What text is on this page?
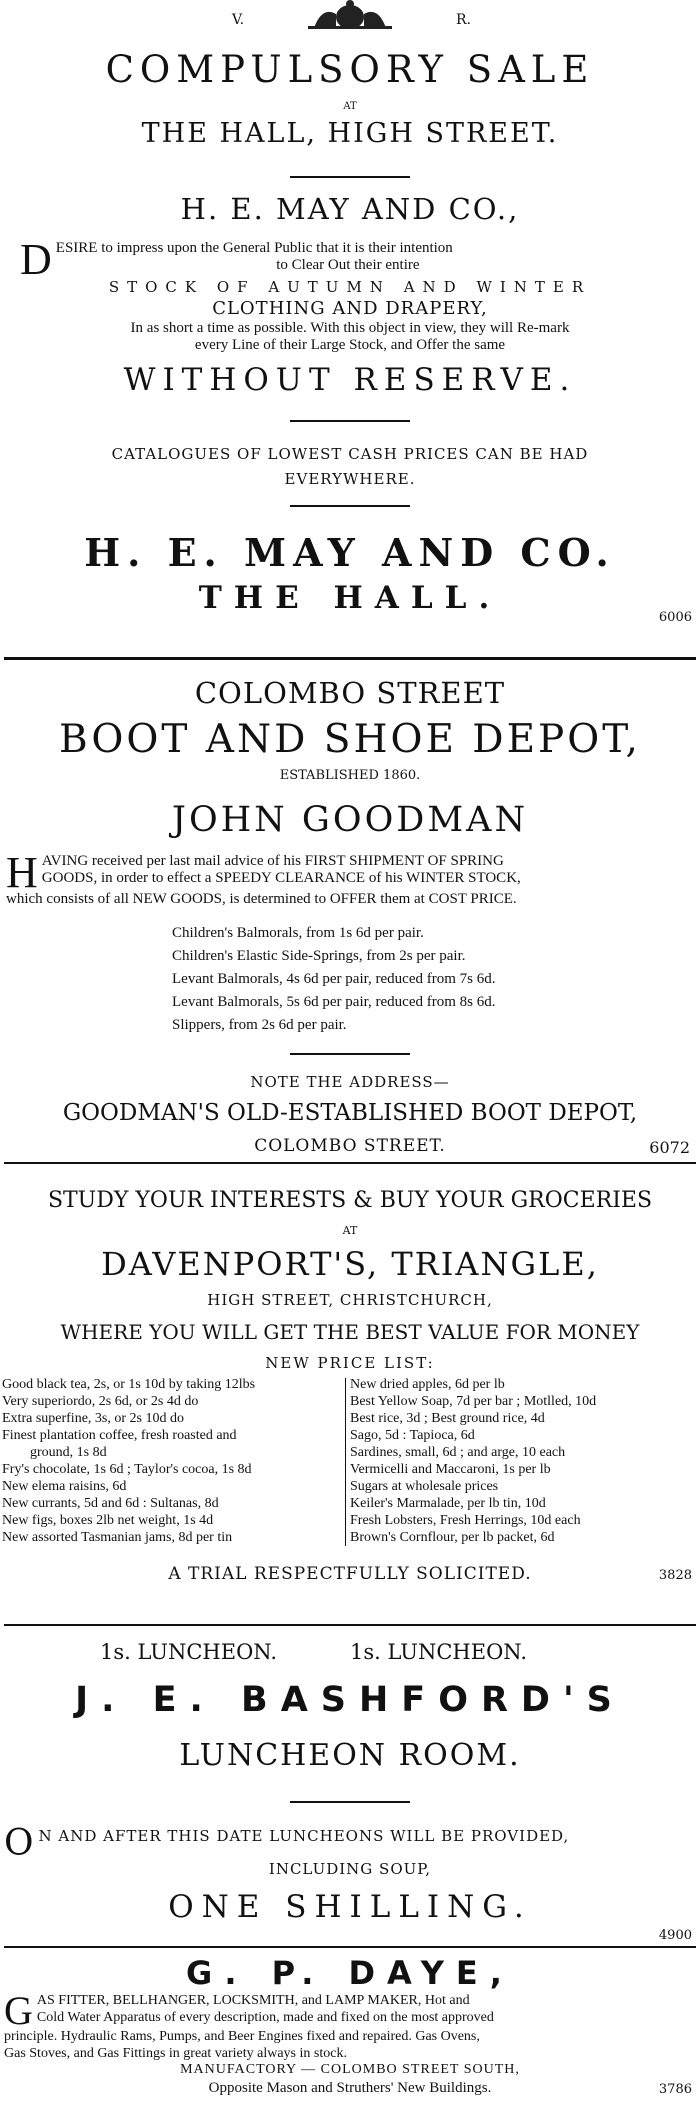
V.	R.
COMPULSORY SALE
AT
THE HALL, HIGH STREET.
H. E. MAY AND CO.,
D ESIRE to impress upon the General Public that it is their intention
to Clear Out their entire
STOCK OF AUTUMN AND WINTER
CLOTHING AND DRAPERY,
In as short a time as possible. With this object in view, they will Re-mark
every Line of their Large Stock, and Offer the same
WITHOUT RESERVE.
CATALOGUES OF LOWEST CASH PRICES CAN BE HAD
EVERYWHERE.
H. E. MAY AND CO.
THE HALL.
6006
COLOMBO STREET
BOOT AND SHOE DEPOT,
ESTABLISHED 1860.
JOHN GOODMAN
H AVING received per last mail advice of his FIRST SHIPMENT OF SPRING
GOODS, in order to effect a SPEEDY CLEARANCE of his WINTER STOCK,
which consists of all NEW GOODS, is determined to OFFER them at COST PRICE.
Children's Balmorals, from 1s 6d per pair.
Children's Elastic Side-Springs, from 2s per pair.
Levant Balmorals, 4s 6d per pair, reduced from 7s 6d.
Levant Balmorals, 5s 6d per pair, reduced from 8s 6d.
Slippers, from 2s 6d per pair.
NOTE THE ADDRESS—
GOODMAN'S OLD-ESTABLISHED BOOT DEPOT,
COLOMBO STREET.	6072
STUDY YOUR INTERESTS & BUY YOUR GROCERIES
AT
DAVENPORT'S, TRIANGLE,
HIGH STREET, CHRISTCHURCH,
WHERE YOU WILL GET THE BEST VALUE FOR MONEY
NEW PRICE LIST:
Good black tea, 2s, or 1s 10d by taking 12lbs
Very superiordo, 2s 6d, or 2s 4d do
Extra superfine, 3s, or 2s 10d do
Finest plantation coffee, fresh roasted and
ground, 1s 8d
Fry's chocolate, 1s 6d ; Taylor's cocoa, 1s 8d
New elema raisins, 6d
New currants, 5d and 6d : Sultanas, 8d
New figs, boxes 2lb net weight, 1s 4d
New assorted Tasmanian jams, 8d per tin
New dried apples, 6d per lb
Best Yellow Soap, 7d per bar ; Motlled, 10d
Best rice, 3d ; Best ground rice, 4d
Sago, 5d : Tapioca, 6d
Sardines, small, 6d ; and arge, 10 each
Vermicelli and Maccaroni, 1s per lb
Sugars at wholesale prices
Keiler's Marmalade, per lb tin, 10d
Fresh Lobsters, Fresh Herrings, 10d each
Brown's Cornflour, per lb packet, 6d
A TRIAL RESPECTFULLY SOLICITED.	3828
1s. LUNCHEON.	1s. LUNCHEON.
J. E. BASHFORD'S
LUNCHEON ROOM.
O N AND AFTER THIS DATE LUNCHEONS WILL BE PROVIDED,
INCLUDING SOUP,
ONE SHILLING.
4900
G. P. DAYE,
G AS FITTER, BELLHANGER, LOCKSMITH, and LAMP MAKER, Hot and
Cold Water Apparatus of every description, made and fixed on the most approved
principle. Hydraulic Rams, Pumps, and Beer Engines fixed and repaired. Gas Ovens,
Gas Stoves, and Gas Fittings in great variety always in stock.
MANUFACTORY — COLOMBO STREET SOUTH,
Opposite Mason and Struthers' New Buildings.	3786
